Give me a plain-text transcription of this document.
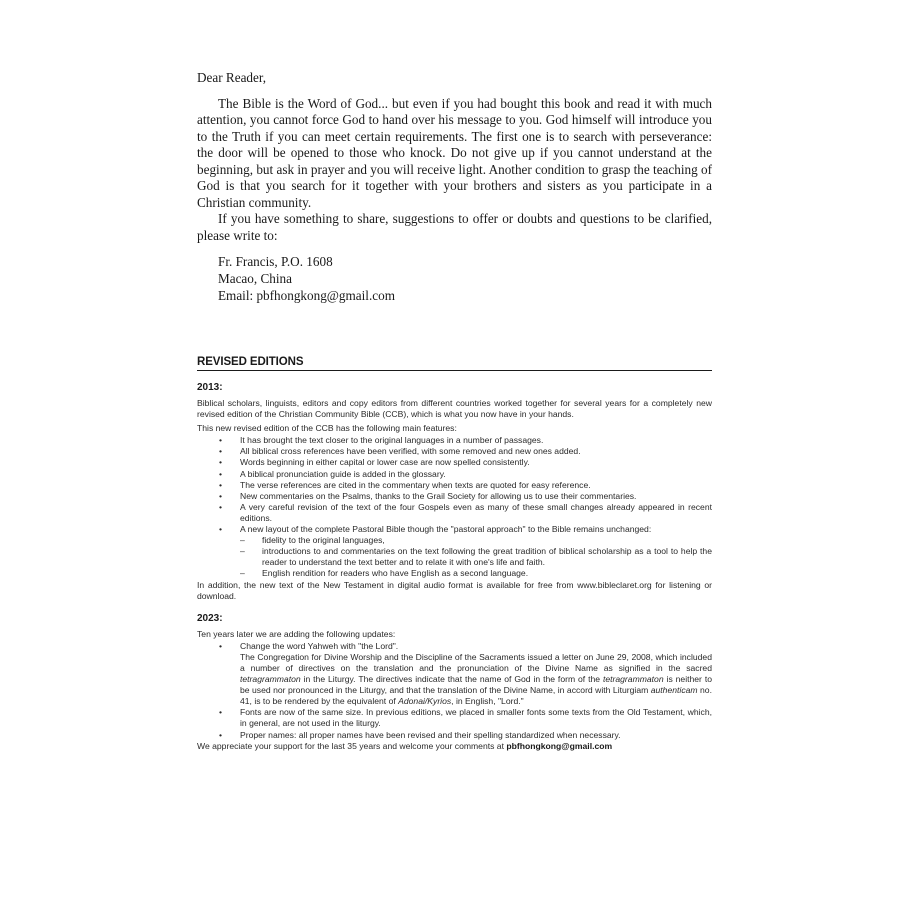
Dear Reader,

The Bible is the Word of God... but even if you had bought this book and read it with much attention, you cannot force God to hand over his message to you. God himself will introduce you to the Truth if you can meet certain requirements. The first one is to search with perseverance: the door will be opened to those who knock. Do not give up if you cannot understand at the beginning, but ask in prayer and you will receive light. Another condition to grasp the teaching of God is that you search for it together with your brothers and sisters as you participate in a Christian community.

If you have something to share, suggestions to offer or doubts and questions to be clarified, please write to:

Fr. Francis, P.O. 1608
Macao, China
Email: pbfhongkong@gmail.com
REVISED EDITIONS
2013:

Biblical scholars, linguists, editors and copy editors from different countries worked together for several years for a completely new revised edition of the Christian Community Bible (CCB), which is what you now have in your hands.

This new revised edition of the CCB has the following main features:

• It has brought the text closer to the original languages in a number of passages.
• All biblical cross references have been verified, with some removed and new ones added.
• Words beginning in either capital or lower case are now spelled consistently.
• A biblical pronunciation guide is added in the glossary.
• The verse references are cited in the commentary when texts are quoted for easy reference.
• New commentaries on the Psalms, thanks to the Grail Society for allowing us to use their commentaries.
• A very careful revision of the text of the four Gospels even as many of these small changes already appeared in recent editions.
• A new layout of the complete Pastoral Bible though the "pastoral approach" to the Bible remains unchanged:
– fidelity to the original languages,
– introductions to and commentaries on the text following the great tradition of biblical scholarship as a tool to help the reader to understand the text better and to relate it with one's life and faith.
– English rendition for readers who have English as a second language.

In addition, the new text of the New Testament in digital audio format is available for free from www.bibleclaret.org for listening or download.

2023:

Ten years later we are adding the following updates:

• Change the word Yahweh with "the Lord".
The Congregation for Divine Worship and the Discipline of the Sacraments issued a letter on June 29, 2008, which included a number of directives on the translation and the pronunciation of the Divine Name as signified in the sacred tetragrammaton in the Liturgy. The directives indicate that the name of God in the form of the tetragrammaton is neither to be used nor pronounced in the Liturgy, and that the translation of the Divine Name, in accord with Liturgiam authenticam no. 41, is to be rendered by the equivalent of Adonai/Kyrios, in English, "Lord."
• Fonts are now of the same size. In previous editions, we placed in smaller fonts some texts from the Old Testament, which, in general, are not used in the liturgy.
• Proper names: all proper names have been revised and their spelling standardized when necessary.

We appreciate your support for the last 35 years and welcome your comments at pbfhongkong@gmail.com
